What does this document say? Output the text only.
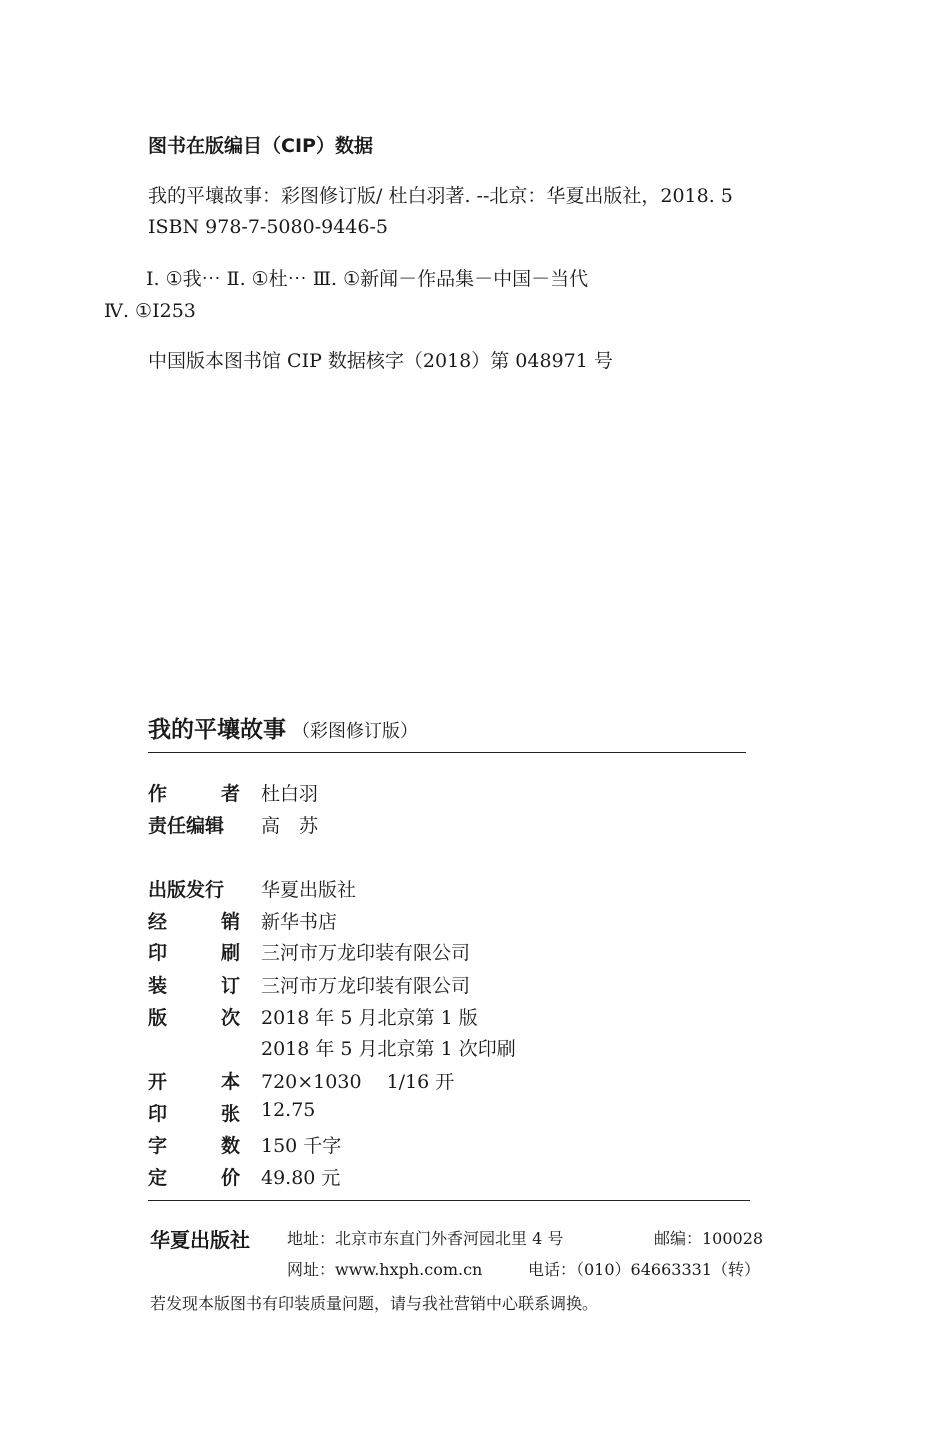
图书在版编目（CIP）数据
我的平壤故事：彩图修订版/ 杜白羽著. --北京：华夏出版社，2018. 5
ISBN 978-7-5080-9446-5
Ⅰ. ①我⋯ Ⅱ. ①杜⋯ Ⅲ. ①新闻－作品集－中国－当代
Ⅳ. ①I253
中国版本图书馆 CIP 数据核字（2018）第 048971 号
我的平壤故事 （彩图修订版）
作	者 杜白羽
责任编辑 高　苏
出版发行 华夏出版社
经	销 新华书店
印	刷 三河市万龙印装有限公司
装	订 三河市万龙印装有限公司
版	次 2018 年 5 月北京第 1 版
2018 年 5 月北京第 1 次印刷
开	本 720×1030　 1/16 开
印	张 12.75
字	数 150 千字
定	价 49.80 元
华夏出版社 地址：北京市东直门外香河园北里 4 号	邮编：100028
网址：www.hxph.com.cn	电话：（010）64663331（转）
若发现本版图书有印装质量问题，请与我社营销中心联系调换。
